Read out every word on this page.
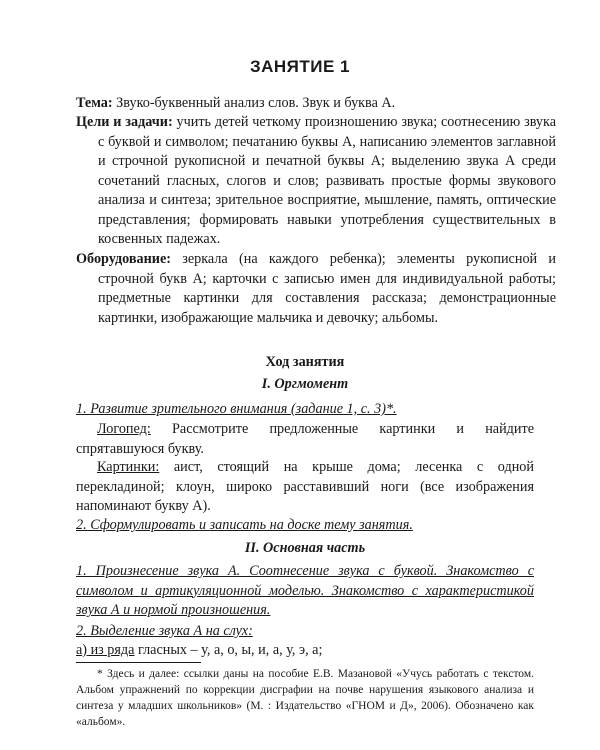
ЗАНЯТИЕ 1
Тема: Звуко-буквенный анализ слов. Звук и буква А.
Цели и задачи: учить детей четкому произношению звука; соотнесению звука с буквой и символом; печатанию буквы А, написанию элементов заглавной и строчной рукописной и печатной буквы А; выделению звука А среди сочетаний гласных, слогов и слов; развивать простые формы звукового анализа и синтеза; зрительное восприятие, мышление, память, оптические представления; формировать навыки употребления существительных в косвенных падежах.
Оборудование: зеркала (на каждого ребенка); элементы рукописной и строчной букв А; карточки с записью имен для индивидуальной работы; предметные картинки для составления рассказа; демонстрационные картинки, изображающие мальчика и девочку; альбомы.
Ход занятия
I. Оргмомент
1. Развитие зрительного внимания (задание 1, с. 3)*.
Логопед: Рассмотрите предложенные картинки и найдите спрятавшуюся букву.
Картинки: аист, стоящий на крыше дома; лесенка с одной перекладиной; клоун, широко расставивший ноги (все изображения напоминают букву А).
2. Сформулировать и записать на доске тему занятия.
II. Основная часть
1. Произнесение звука А. Соотнесение звука с буквой. Знакомство с символом и артикуляционной моделью. Знакомство с характеристикой звука А и нормой произношения.
2. Выделение звука А на слух:
а) из ряда гласных – у, а, о, ы, и, а, у, э, а;
* Здесь и далее: ссылки даны на пособие Е.В. Мазановой «Учусь работать с текстом. Альбом упражнений по коррекции дисграфии на почве нарушения языкового анализа и синтеза у младших школьников» (М. : Издательство «ГНОМ и Д», 2006). Обозначено как «альбом».
